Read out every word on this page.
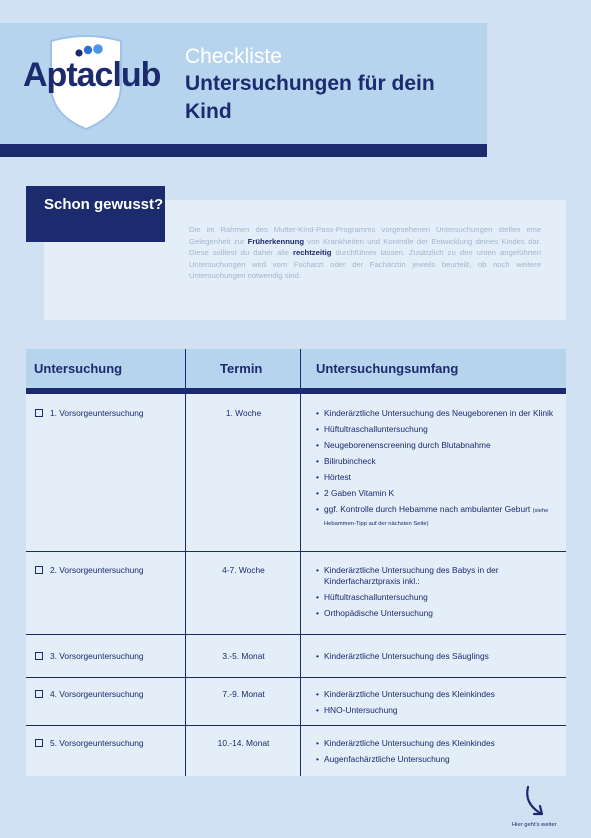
Aptaclub Checkliste
Untersuchungen für dein Kind
Schon gewusst?
Die im Rahmen des Mutter-Kind-Pass-Programms vorgesehenen Untersuchungen stellen eine Gelegenheit zur Früherkennung von Krankheiten und Kontrolle der Entwicklung deines Kindes dar. Diese solltest du daher alle rechtzeitig durchführen lassen. Zusätzlich zu den unten angeführten Untersuchungen wird vom Facharzt oder der Fachärztin jeweils beurteilt, ob noch weitere Untersuchungen notwendig sind.
Untersuchung	Termin	Untersuchungsumfang
1. Vorsorgeuntersuchung	1. Woche	• Kinderärztliche Untersuchung des Neugeborenen in der Klinik
• Hüftultraschalluntersuchung
• Neugeborenenscreening durch Blutabnahme
• Bilirubincheck
• Hörtest
• 2 Gaben Vitamin K
• ggf. Kontrolle durch Hebamme nach ambulanter Geburt (siehe Hebammen-Tipp auf der nächsten Seite)
2. Vorsorgeuntersuchung	4-7. Woche	• Kinderärztliche Untersuchung des Babys in der Kinderfacharztpraxis inkl.:
• Hüftultraschalluntersuchung
• Orthopädische Untersuchung
3. Vorsorgeuntersuchung	3.-5. Monat	• Kinderärztliche Untersuchung des Säuglings
4. Vorsorgeuntersuchung	7.-9. Monat	• Kinderärztliche Untersuchung des Kleinkindes
• HNO-Untersuchung
5. Vorsorgeuntersuchung	10.-14. Monat	• Kinderärztliche Untersuchung des Kleinkindes
• Augenfachärztliche Untersuchung
Hier geht's weiter
